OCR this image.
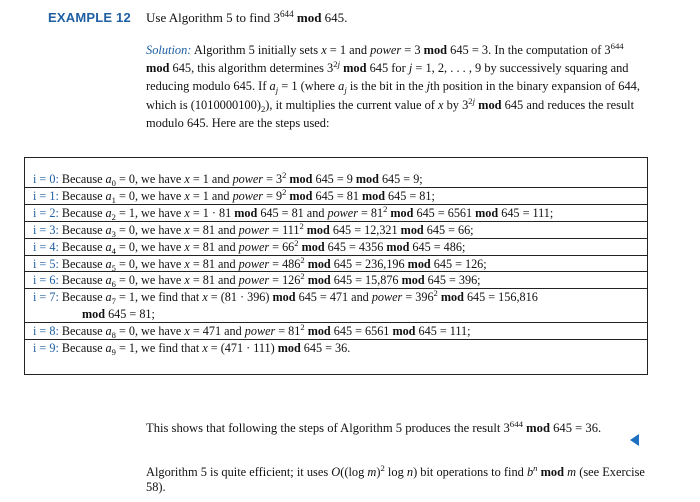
EXAMPLE 12 Use Algorithm 5 to find $3^{644}$ mod 645.
Solution: Algorithm 5 initially sets x = 1 and power = 3 mod 645 = 3. In the computation of $3^{644}$ mod 645, this algorithm determines $3^{2j}$ mod 645 for j = 1, 2, . . . , 9 by successively squaring and reducing modulo 645. If $a_j = 1$ (where $a_j$ is the bit in the jth position in the binary expansion of 644, which is $(1010000100)_2$), it multiplies the current value of x by $3^{2j}$ mod 645 and reduces the result modulo 645. Here are the steps used:
i = 0: Because $a_0 = 0$, we have x = 1 and power = $3^2$ mod 645 = 9 mod 645 = 9;
i = 1: Because $a_1 = 0$, we have x = 1 and power = $9^2$ mod 645 = 81 mod 645 = 81;
i = 2: Because $a_2 = 1$, we have x = 1 · 81 mod 645 = 81 and power = $81^2$ mod 645 = 6561 mod 645 = 111;
i = 3: Because $a_3 = 0$, we have x = 81 and power = $111^2$ mod 645 = 12,321 mod 645 = 66;
i = 4: Because $a_4 = 0$, we have x = 81 and power = $66^2$ mod 645 = 4356 mod 645 = 486;
i = 5: Because $a_5 = 0$, we have x = 81 and power = $486^2$ mod 645 = 236,196 mod 645 = 126;
i = 6: Because $a_6 = 0$, we have x = 81 and power = $126^2$ mod 645 = 15,876 mod 645 = 396;
i = 7: Because $a_7 = 1$, we find that x = (81 · 396) mod 645 = 471 and power = $396^2$ mod 645 = 156,816
mod 645 = 81;
i = 8: Because $a_8 = 0$, we have x = 471 and power = $81^2$ mod 645 = 6561 mod 645 = 111;
i = 9: Because $a_9 = 1$, we find that x = (471 · 111) mod 645 = 36.
This shows that following the steps of Algorithm 5 produces the result $3^{644}$ mod 645 = 36.
Algorithm 5 is quite efficient; it uses O((log m)$^2$ log n) bit operations to find $b^n$ mod m (see Exercise 58).
